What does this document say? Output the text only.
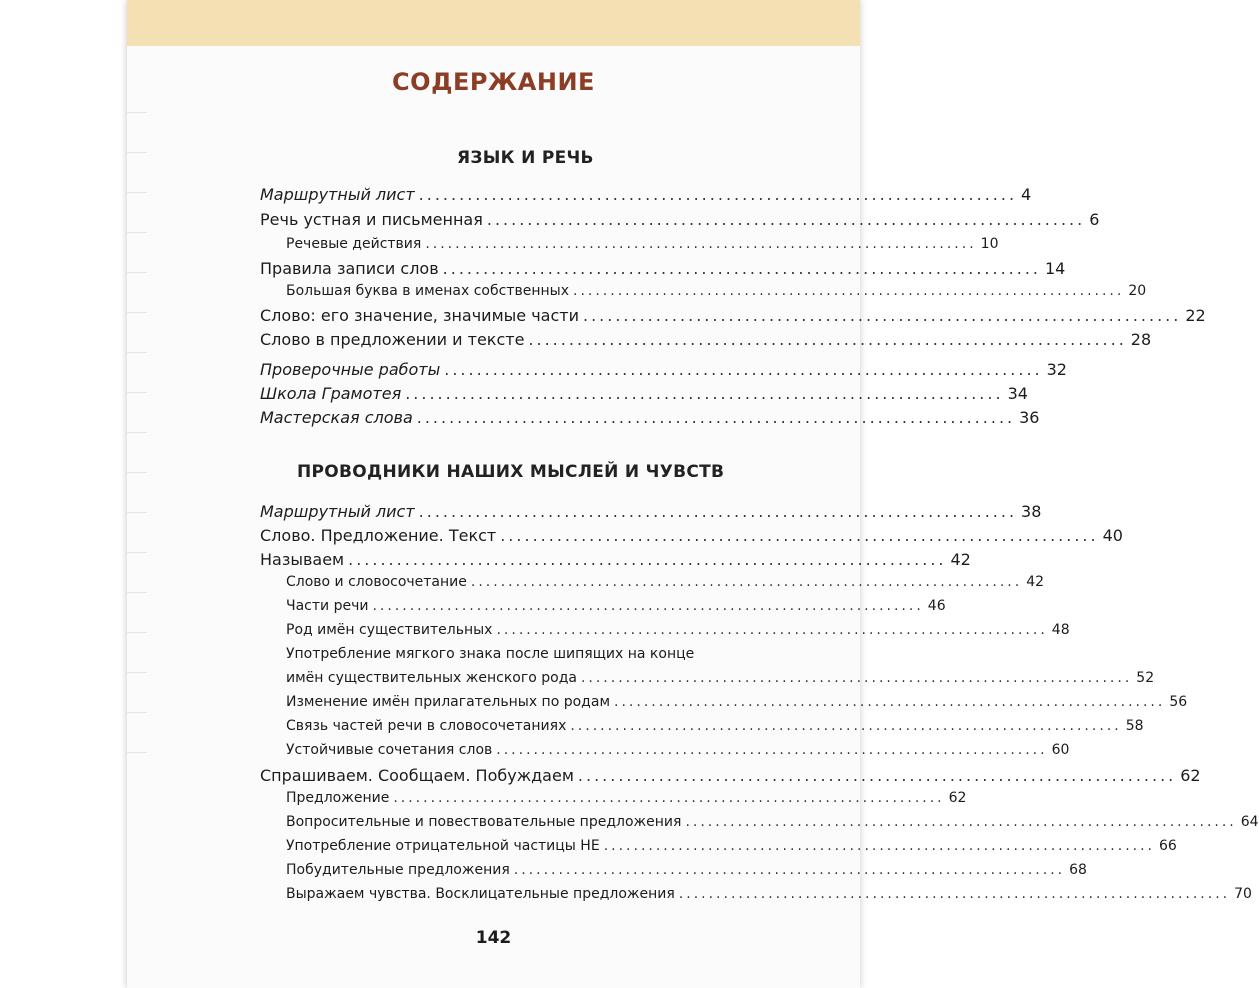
СОДЕРЖАНИЕ
ЯЗЫК И РЕЧЬ
Маршрутный лист .......................................................................... 4
Речь устная и письменная .......................................................................... 6
Речевые действия .......................................................................... 10
Правила записи слов .......................................................................... 14
Большая буква в именах собственных .......................................................................... 20
Слово: его значение, значимые части .......................................................................... 22
Слово в предложении и тексте .......................................................................... 28
Проверочные работы .......................................................................... 32
Школа Грамотея .......................................................................... 34
Мастерская слова .......................................................................... 36
ПРОВОДНИКИ НАШИХ МЫСЛЕЙ И ЧУВСТВ
Маршрутный лист .......................................................................... 38
Слово. Предложение. Текст .......................................................................... 40
Называем .......................................................................... 42
Слово и словосочетание .......................................................................... 42
Части речи .......................................................................... 46
Род имён существительных .......................................................................... 48
Употребление мягкого знака после шипящих на конце
имён существительных женского рода .......................................................................... 52
Изменение имён прилагательных по родам .......................................................................... 56
Связь частей речи в словосочетаниях .......................................................................... 58
Устойчивые сочетания слов .......................................................................... 60
Спрашиваем. Сообщаем. Побуждаем .......................................................................... 62
Предложение .......................................................................... 62
Вопросительные и повествовательные предложения .......................................................................... 64
Употребление отрицательной частицы НЕ .......................................................................... 66
Побудительные предложения .......................................................................... 68
Выражаем чувства. Восклицательные предложения .......................................................................... 70
142
